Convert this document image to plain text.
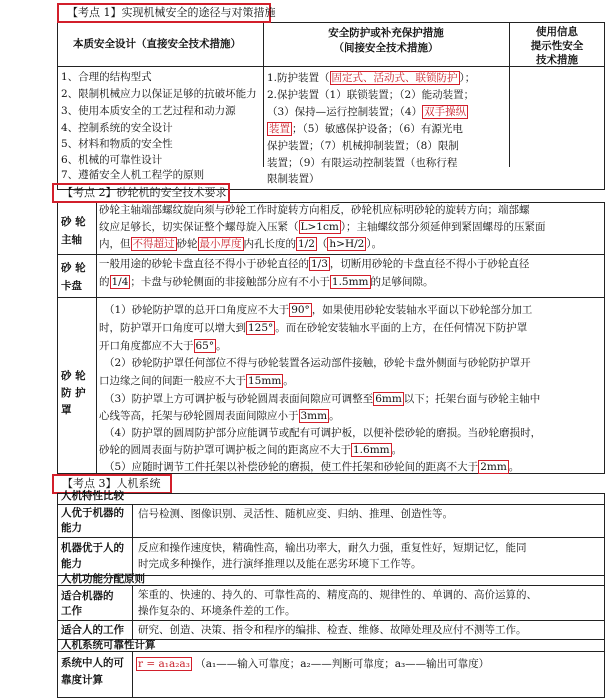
【考点 1】实现机械安全的途径与对策措施
本质安全设计（直接安全技术措施）
安全防护或补充保护措施
（间接安全技术措施）
使用信息
提示性安全
技术措施
1、合理的结构型式
2、限制机械应力以保证足够的抗破坏能力
3、使用本质安全的工艺过程和动力源
4、控制系统的安全设计
5、材料和物质的安全性
6、机械的可靠性设计
7、遵循安全人机工程学的原则
1.防护装置（ 固定式、活动式、联锁防护 ）；
2.保护装置（1）联锁装置；（2）能动装置；
（3）保持—运行控制装置；（4） 双手操纵
装置 ；（5）敏感保护设备；（6）有源光电
保护装置；（7）机械抑制装置；（8）限制
装置；（9）有限运动控制装置（也称行程
限制装置）
【考点 2】砂轮机的安全技术要求
砂 轮
主轴
砂轮主轴端部螺纹旋向须与砂轮工作时旋转方向相反，砂轮机应标明砂轮的旋转方向；端部螺
纹应足够长，切实保证整个螺母旋入压紧（ L>1cm ）；主轴螺纹部分须延伸到紧固螺母的压紧面
内，但 不得超过 砂轮 最小厚度 内孔长度的 1/2 （ h>H/2 ）。
砂 轮
卡盘
一般用途的砂轮卡盘直径不得小于砂轮直径的 1/3 ，切断用砂轮的卡盘直径不得小于砂轮直径
的 1/4 ；卡盘与砂轮侧面的非接触部分应有不小于 1.5mm 的足够间隙。
砂 轮
防 护
罩
（1）砂轮防护罩的总开口角度应不大于 90° ，如果使用砂轮安装轴水平面以下砂轮部分加工
时，防护罩开口角度可以增大到 125° 。而在砂轮安装轴水平面的上方，在任何情况下防护罩
开口角度都应不大于 65° 。
（2）砂轮防护罩任何部位不得与砂轮装置各运动部件接触，砂轮卡盘外侧面与砂轮防护罩开
口边缘之间的间距一般应不大于 15mm 。
（3）防护罩上方可调护板与砂轮圆周表面间隙应可调整至 6mm 以下；托架台面与砂轮主轴中
心线等高，托架与砂轮圆周表面间隙应小于 3mm 。
（4）防护罩的圆周防护部分应能调节或配有可调护板，以便补偿砂轮的磨损。当砂轮磨损时，
砂轮的圆周表面与防护罩可调护板之间的距离应不大于 1.6mm 。
（5）应随时调节工件托架以补偿砂轮的磨损，使工件托架和砂轮间的距离不大于 2mm 。
【考点 3】人机系统
人机特性比较
人优于机器的
能力
信号检测、图像识别、灵活性、随机应变、归纳、推理、创造性等。
机器优于人的
能力
反应和操作速度快，精确性高，输出功率大，耐久力强，重复性好，短期记忆，能同
时完成多种操作，进行演绎推理以及能在恶劣环境下工作等。
人机功能分配原则
适合机器的
工作
笨重的、快速的、持久的、可靠性高的、精度高的、规律性的、单调的、高价运算的、
操作复杂的、环境条件差的工作。
适合人的工作 研究、创造、决策、指令和程序的编排、检查、维修、故障处理及应付不测等工作。
人机系统可靠性计算
系统中人的可
靠度计算
r = a₁a₂a₃ （a₁——输入可靠度；a₂——判断可靠度；a₃——输出可靠度）
